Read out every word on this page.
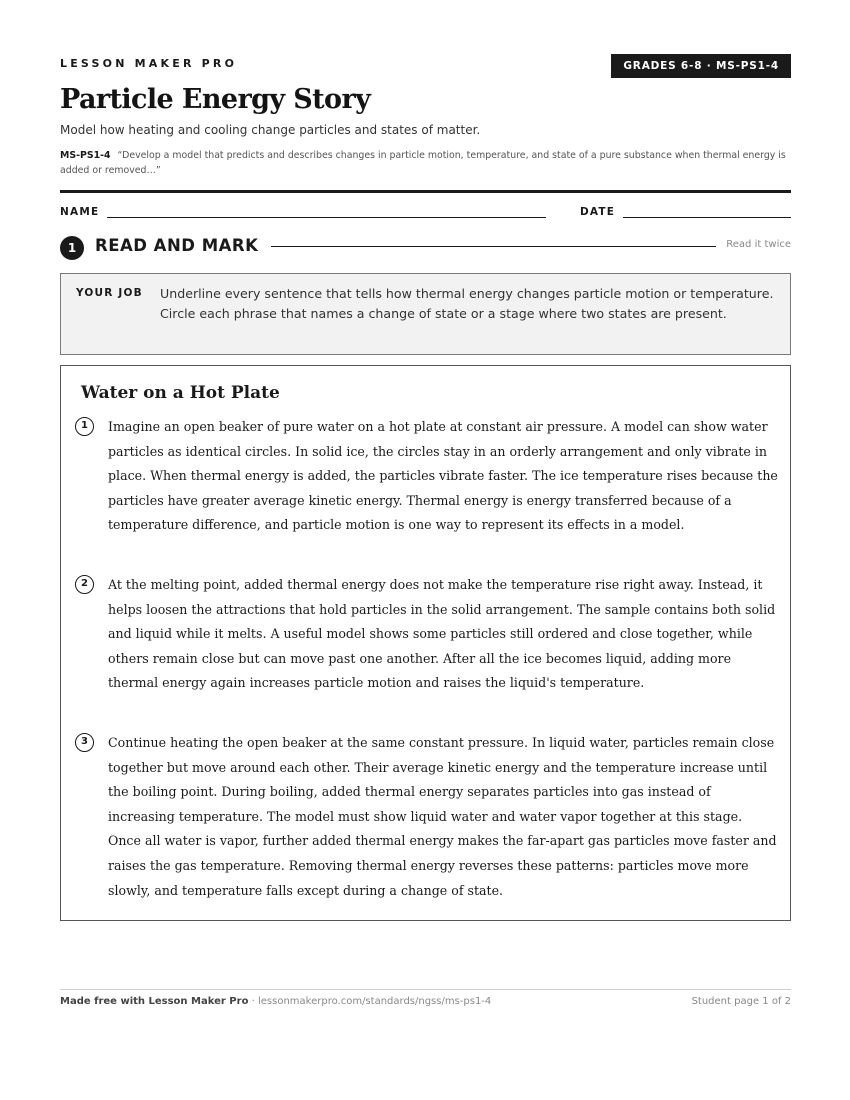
LESSON MAKER PRO	GRADES 6-8 · MS-PS1-4
Particle Energy Story
Model how heating and cooling change particles and states of matter.
MS-PS1-4 “Develop a model that predicts and describes changes in particle motion, temperature, and state of a pure substance when thermal energy is added or removed…”
NAME	DATE
1	READ AND MARK	Read it twice
YOUR JOB Underline every sentence that tells how thermal energy changes particle motion or temperature. Circle each phrase that names a change of state or a stage where two states are present.
Water on a Hot Plate
1	Imagine an open beaker of pure water on a hot plate at constant air pressure. A model can show water particles as identical circles. In solid ice, the circles stay in an orderly arrangement and only vibrate in place. When thermal energy is added, the particles vibrate faster. The ice temperature rises because the particles have greater average kinetic energy. Thermal energy is energy transferred because of a temperature difference, and particle motion is one way to represent its effects in a model.

2	At the melting point, added thermal energy does not make the temperature rise right away. Instead, it helps loosen the attractions that hold particles in the solid arrangement. The sample contains both solid and liquid while it melts. A useful model shows some particles still ordered and close together, while others remain close but can move past one another. After all the ice becomes liquid, adding more thermal energy again increases particle motion and raises the liquid's temperature.

3	Continue heating the open beaker at the same constant pressure. In liquid water, particles remain close together but move around each other. Their average kinetic energy and the temperature increase until the boiling point. During boiling, added thermal energy separates particles into gas instead of increasing temperature. The model must show liquid water and water vapor together at this stage. Once all water is vapor, further added thermal energy makes the far-apart gas particles move faster and raises the gas temperature. Removing thermal energy reverses these patterns: particles move more slowly, and temperature falls except during a change of state.

Made free with Lesson Maker Pro · lessonmakerpro.com/standards/ngss/ms-ps1-4	Student page 1 of 2
